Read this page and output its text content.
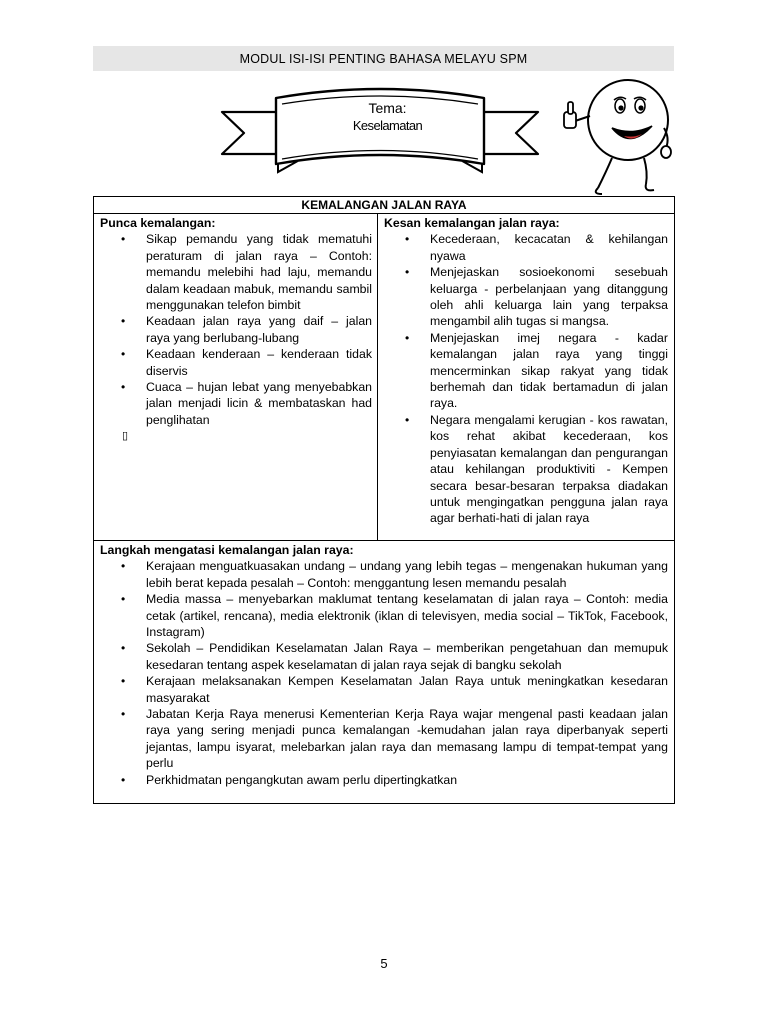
MODUL ISI-ISI PENTING BAHASA MELAYU SPM
Tema:
Keselamatan
KEMALANGAN JALAN RAYA
Punca kemalangan:
• Sikap pemandu yang tidak mematuhi peraturam di jalan raya – Contoh: memandu melebihi had laju, memandu dalam keadaan mabuk, memandu sambil menggunakan telefon bimbit
• Keadaan jalan raya yang daif – jalan raya yang berlubang-lubang
• Keadaan kenderaan – kenderaan tidak diservis
• Cuaca – hujan lebat yang menyebabkan jalan menjadi licin & membataskan had penglihatan
▯
Kesan kemalangan jalan raya:
• Kecederaan, kecacatan & kehilangan nyawa
• Menjejaskan sosioekonomi sesebuah keluarga - perbelanjaan yang ditanggung oleh ahli keluarga lain yang terpaksa mengambil alih tugas si mangsa.
• Menjejaskan imej negara - kadar kemalangan jalan raya yang tinggi mencerminkan sikap rakyat yang tidak berhemah dan tidak bertamadun di jalan raya.
• Negara mengalami kerugian - kos rawatan, kos rehat akibat kecederaan, kos penyiasatan kemalangan dan pengurangan atau kehilangan produktiviti - Kempen secara besar-besaran terpaksa diadakan untuk mengingatkan pengguna jalan raya agar berhati-hati di jalan raya
Langkah mengatasi kemalangan jalan raya:
• Kerajaan menguatkuasakan undang – undang yang lebih tegas – mengenakan hukuman yang lebih berat kepada pesalah – Contoh: menggantung lesen memandu pesalah
• Media massa – menyebarkan maklumat tentang keselamatan di jalan raya – Contoh: media cetak (artikel, rencana), media elektronik (iklan di televisyen, media social – TikTok, Facebook, Instagram)
• Sekolah – Pendidikan Keselamatan Jalan Raya – memberikan pengetahuan dan memupuk kesedaran tentang aspek keselamatan di jalan raya sejak di bangku sekolah
• Kerajaan melaksanakan Kempen Keselamatan Jalan Raya untuk meningkatkan kesedaran masyarakat
• Jabatan Kerja Raya menerusi Kementerian Kerja Raya wajar mengenal pasti keadaan jalan raya yang sering menjadi punca kemalangan -kemudahan jalan raya diperbanyak seperti jejantas, lampu isyarat, melebarkan jalan raya dan memasang lampu di tempat-tempat yang perlu
• Perkhidmatan pengangkutan awam perlu dipertingkatkan
5
